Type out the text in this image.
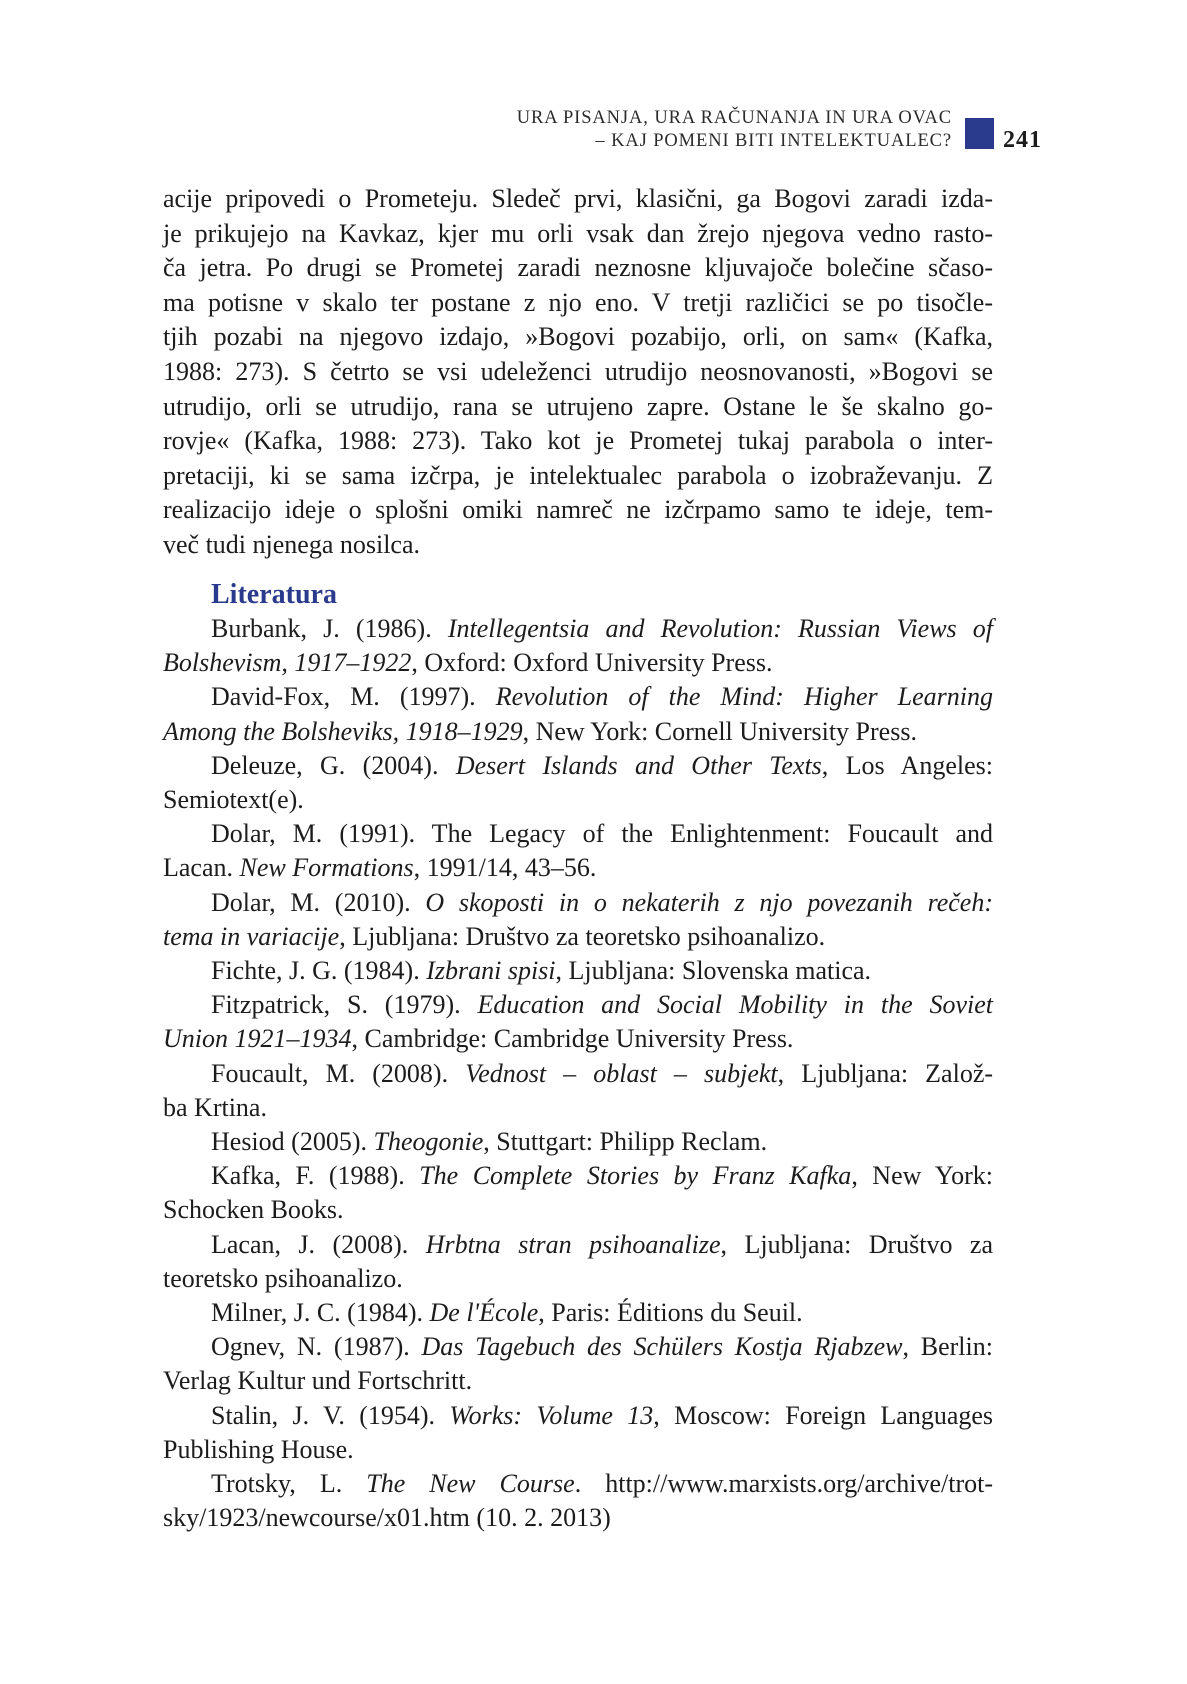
URA PISANJA, URA RAČUNANJA IN URA OVAC
– KAJ POMENI BITI INTELEKTUALEC? 241

acije pripovedi o Prometeju. Sledeč prvi, klasični, ga Bogovi zaradi izda-
je prikujejo na Kavkaz, kjer mu orli vsak dan žrejo njegova vedno rasto-
ča jetra. Po drugi se Prometej zaradi neznosne kljuvajoče bolečine sčaso-
ma potisne v skalo ter postane z njo eno. V tretji različici se po tisočle-
tjih pozabi na njegovo izdajo, »Bogovi pozabijo, orli, on sam« (Kafka,
1988: 273). S četrto se vsi udeleženci utrudijo neosnovanosti, »Bogovi se
utrudijo, orli se utrudijo, rana se utrujeno zapre. Ostane le še skalno go-
rovje« (Kafka, 1988: 273). Tako kot je Prometej tukaj parabola o inter-
pretaciji, ki se sama izčrpa, je intelektualec parabola o izobraževanju. Z
realizacijo ideje o splošni omiki namreč ne izčrpamo samo te ideje, tem-
več tudi njenega nosilca.

Literatura
Burbank, J. (1986). Intellegentsia and Revolution: Russian Views of
Bolshevism, 1917–1922, Oxford: Oxford University Press.
David-Fox, M. (1997). Revolution of the Mind: Higher Learning
Among the Bolsheviks, 1918–1929, New York: Cornell University Press.
Deleuze, G. (2004). Desert Islands and Other Texts, Los Angeles:
Semiotext(e).
Dolar, M. (1991). The Legacy of the Enlightenment: Foucault and
Lacan. New Formations, 1991/14, 43–56.
Dolar, M. (2010). O skoposti in o nekaterih z njo povezanih rečeh:
tema in variacije, Ljubljana: Društvo za teoretsko psihoanalizo.
Fichte, J. G. (1984). Izbrani spisi, Ljubljana: Slovenska matica.
Fitzpatrick, S. (1979). Education and Social Mobility in the Soviet
Union 1921–1934, Cambridge: Cambridge University Press.
Foucault, M. (2008). Vednost – oblast – subjekt, Ljubljana: Založ-
ba Krtina.
Hesiod (2005). Theogonie, Stuttgart: Philipp Reclam.
Kafka, F. (1988). The Complete Stories by Franz Kafka, New York:
Schocken Books.
Lacan, J. (2008). Hrbtna stran psihoanalize, Ljubljana: Društvo za
teoretsko psihoanalizo.
Milner, J. C. (1984). De l'École, Paris: Éditions du Seuil.
Ognev, N. (1987). Das Tagebuch des Schülers Kostja Rjabzew, Berlin:
Verlag Kultur und Fortschritt.
Stalin, J. V. (1954). Works: Volume 13, Moscow: Foreign Languages
Publishing House.
Trotsky, L. The New Course. http://www.marxists.org/archive/trot-
sky/1923/newcourse/x01.htm (10. 2. 2013)
